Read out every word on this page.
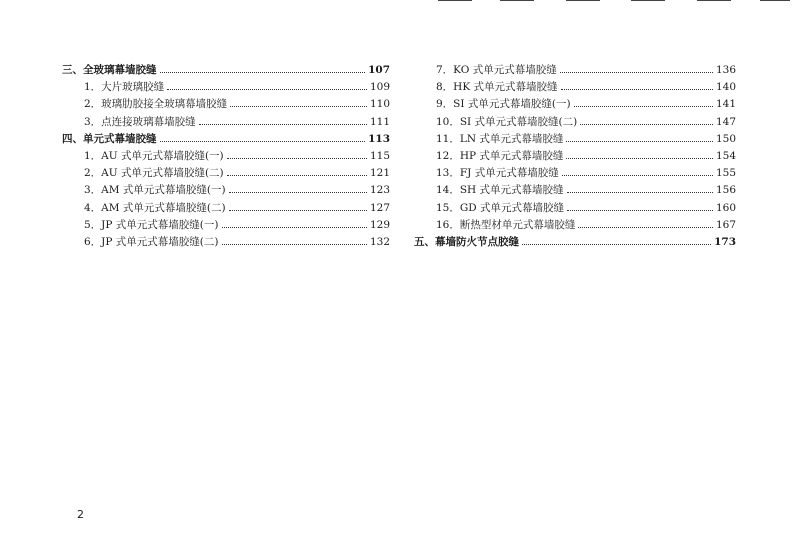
三、全玻璃幕墙胶缝	107
1．大片玻璃胶缝	109
2．玻璃肋胶接全玻璃幕墙胶缝	110
3．点连接玻璃幕墙胶缝	111
四、单元式幕墙胶缝	113
1．AU 式单元式幕墙胶缝(一)	115
2．AU 式单元式幕墙胶缝(二)	121
3．AM 式单元式幕墙胶缝(一)	123
4．AM 式单元式幕墙胶缝(二)	127
5．JP 式单元式幕墙胶缝(一)	129
6．JP 式单元式幕墙胶缝(二)	132
7．KO 式单元式幕墙胶缝	136
8．HK 式单元式幕墙胶缝	140
9．SI 式单元式幕墙胶缝(一)	141
10．SI 式单元式幕墙胶缝(二)	147
11．LN 式单元式幕墙胶缝	150
12．HP 式单元式幕墙胶缝	154
13．FJ 式单元式幕墙胶缝	155
14．SH 式单元式幕墙胶缝	156
15．GD 式单元式幕墙胶缝	160
16．断热型材单元式幕墙胶缝	167
五、幕墙防火节点胶缝	173
2
